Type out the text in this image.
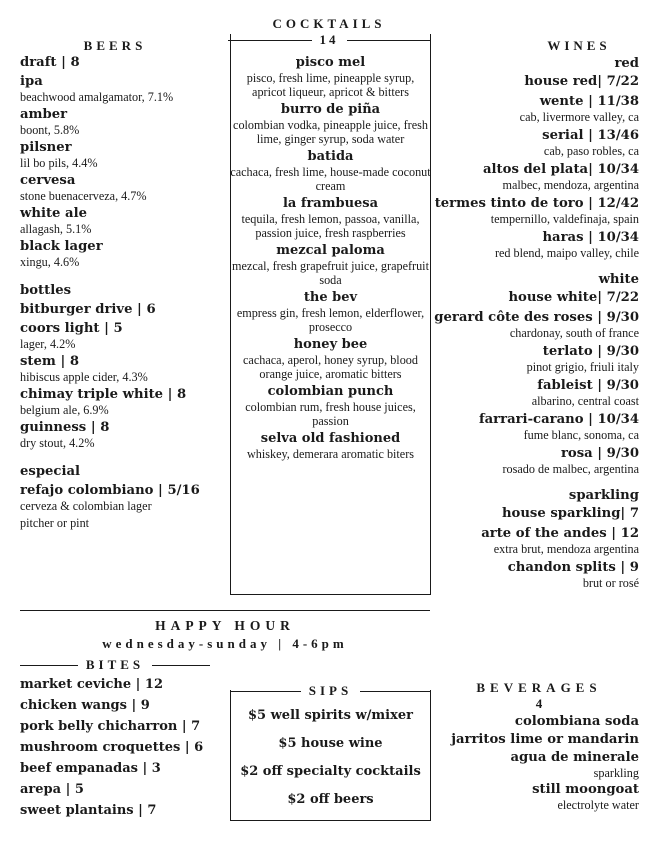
BEERS
draft | 8
ipa
beachwood amalgamator, 7.1%
amber
boont, 5.8%
pilsner
lil bo pils, 4.4%
cervesa
stone buenacerveza, 4.7%
white ale
allagash, 5.1%
black lager
xingu, 4.6%
bottles
bitburger drive | 6
coors light | 5
lager, 4.2%
stem | 8
hibiscus apple cider, 4.3%
chimay triple white | 8
belgium ale, 6.9%
guinness | 8
dry stout, 4.2%
especial
refajo colombiano | 5/16
cerveza & colombian lager
pitcher or pint
COCKTAILS
14
pisco mel
pisco, fresh lime, pineapple syrup, apricot liqueur, apricot & bitters
burro de piña
colombian vodka, pineapple juice, fresh lime, ginger syrup, soda water
batida
cachaca, fresh lime, house-made coconut cream
la frambuesa
tequila, fresh lemon, passoa, vanilla, passion juice, fresh raspberries
mezcal paloma
mezcal, fresh grapefruit juice, grapefruit soda
the bev
empress gin, fresh lemon, elderflower, prosecco
honey bee
cachaca, aperol, honey syrup, blood orange juice, aromatic bitters
colombian punch
colombian rum, fresh house juices, passion
selva old fashioned
whiskey, demerara aromatic biters
WINES
red
house red| 7/22
wente | 11/38
cab, livermore valley, ca
serial | 13/46
cab, paso robles, ca
altos del plata| 10/34
malbec, mendoza, argentina
termes tinto de toro | 12/42
tempernillo, valdefinaja, spain
haras | 10/34
red blend, maipo valley, chile
white
house white| 7/22
gerard côte des roses | 9/30
chardonay, south of france
terlato | 9/30
pinot grigio, friuli italy
fableist | 9/30
albarino, central coast
farrari-carano | 10/34
fume blanc, sonoma, ca
rosa | 9/30
rosado de malbec, argentina
sparkling
house sparkling| 7
arte of the andes | 12
extra brut, mendoza argentina
chandon splits | 9
brut or rosé
HAPPY HOUR
wednesday-sunday | 4-6pm
BITES
market ceviche | 12
chicken wangs | 9
pork belly chicharron | 7
mushroom croquettes | 6
beef empanadas | 3
arepa | 5
sweet plantains | 7
SIPS
$5 well spirits w/mixer
$5 house wine
$2 off specialty cocktails
$2 off beers
BEVERAGES
4
colombiana soda
jarritos lime or mandarin
agua de minerale
sparkling
still moongoat
electrolyte water
